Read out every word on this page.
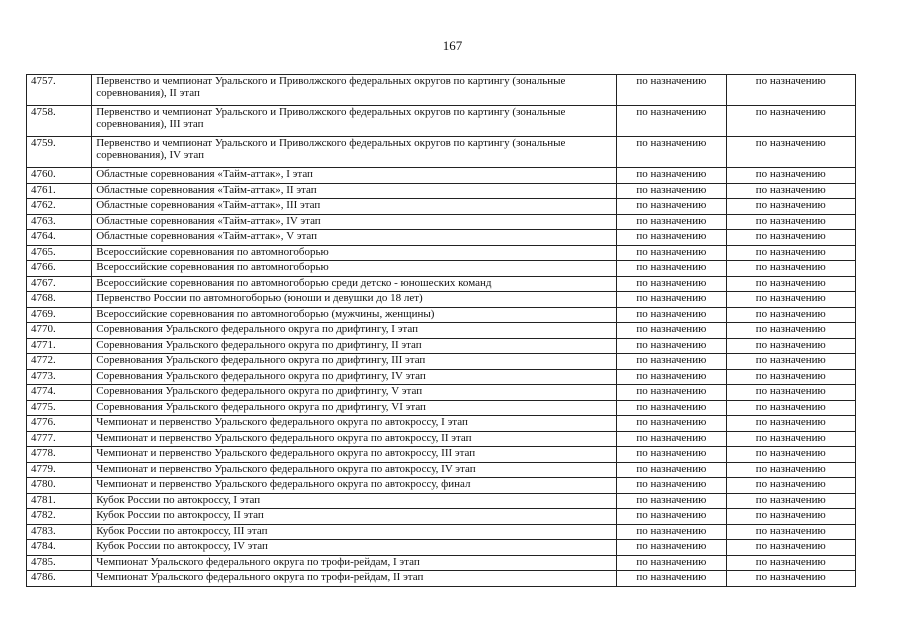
167
4757.	Первенство и чемпионат Уральского и Приволжского федеральных округов по картингу (зональные соревнования), II этап	по назначению	по назначению
4758.	Первенство и чемпионат Уральского и Приволжского федеральных округов по картингу (зональные соревнования), III этап	по назначению	по назначению
4759.	Первенство и чемпионат Уральского и Приволжского федеральных округов по картингу (зональные соревнования), IV этап	по назначению	по назначению
4760.	Областные соревнования «Тайм-аттак», I этап	по назначению	по назначению
4761.	Областные соревнования «Тайм-аттак», II этап	по назначению	по назначению
4762.	Областные соревнования «Тайм-аттак», III этап	по назначению	по назначению
4763.	Областные соревнования «Тайм-аттак», IV этап	по назначению	по назначению
4764.	Областные соревнования «Тайм-аттак», V этап	по назначению	по назначению
4765.	Всероссийские соревнования по автомногоборью	по назначению	по назначению
4766.	Всероссийские соревнования по автомногоборью	по назначению	по назначению
4767.	Всероссийские соревнования по автомногоборью среди детско - юношеских команд	по назначению	по назначению
4768.	Первенство России по автомногоборью (юноши и девушки до 18 лет)	по назначению	по назначению
4769.	Всероссийские соревнования по автомногоборью (мужчины, женщины)	по назначению	по назначению
4770.	Соревнования Уральского федерального округа по дрифтингу, I этап	по назначению	по назначению
4771.	Соревнования Уральского федерального округа по дрифтингу, II этап	по назначению	по назначению
4772.	Соревнования Уральского федерального округа по дрифтингу, III этап	по назначению	по назначению
4773.	Соревнования Уральского федерального округа по дрифтингу, IV этап	по назначению	по назначению
4774.	Соревнования Уральского федерального округа по дрифтингу, V этап	по назначению	по назначению
4775.	Соревнования Уральского федерального округа по дрифтингу, VI этап	по назначению	по назначению
4776.	Чемпионат и первенство Уральского федерального округа по автокроссу, I этап	по назначению	по назначению
4777.	Чемпионат и первенство Уральского федерального округа по автокроссу, II этап	по назначению	по назначению
4778.	Чемпионат и первенство Уральского федерального округа по автокроссу, III этап	по назначению	по назначению
4779.	Чемпионат и первенство Уральского федерального округа по автокроссу, IV этап	по назначению	по назначению
4780.	Чемпионат и первенство Уральского федерального округа по автокроссу, финал	по назначению	по назначению
4781.	Кубок России по автокроссу, I этап	по назначению	по назначению
4782.	Кубок России по автокроссу, II этап	по назначению	по назначению
4783.	Кубок России по автокроссу, III этап	по назначению	по назначению
4784.	Кубок России по автокроссу, IV этап	по назначению	по назначению
4785.	Чемпионат Уральского федерального округа по трофи-рейдам, I этап	по назначению	по назначению
4786.	Чемпионат Уральского федерального округа по трофи-рейдам, II этап	по назначению	по назначению
